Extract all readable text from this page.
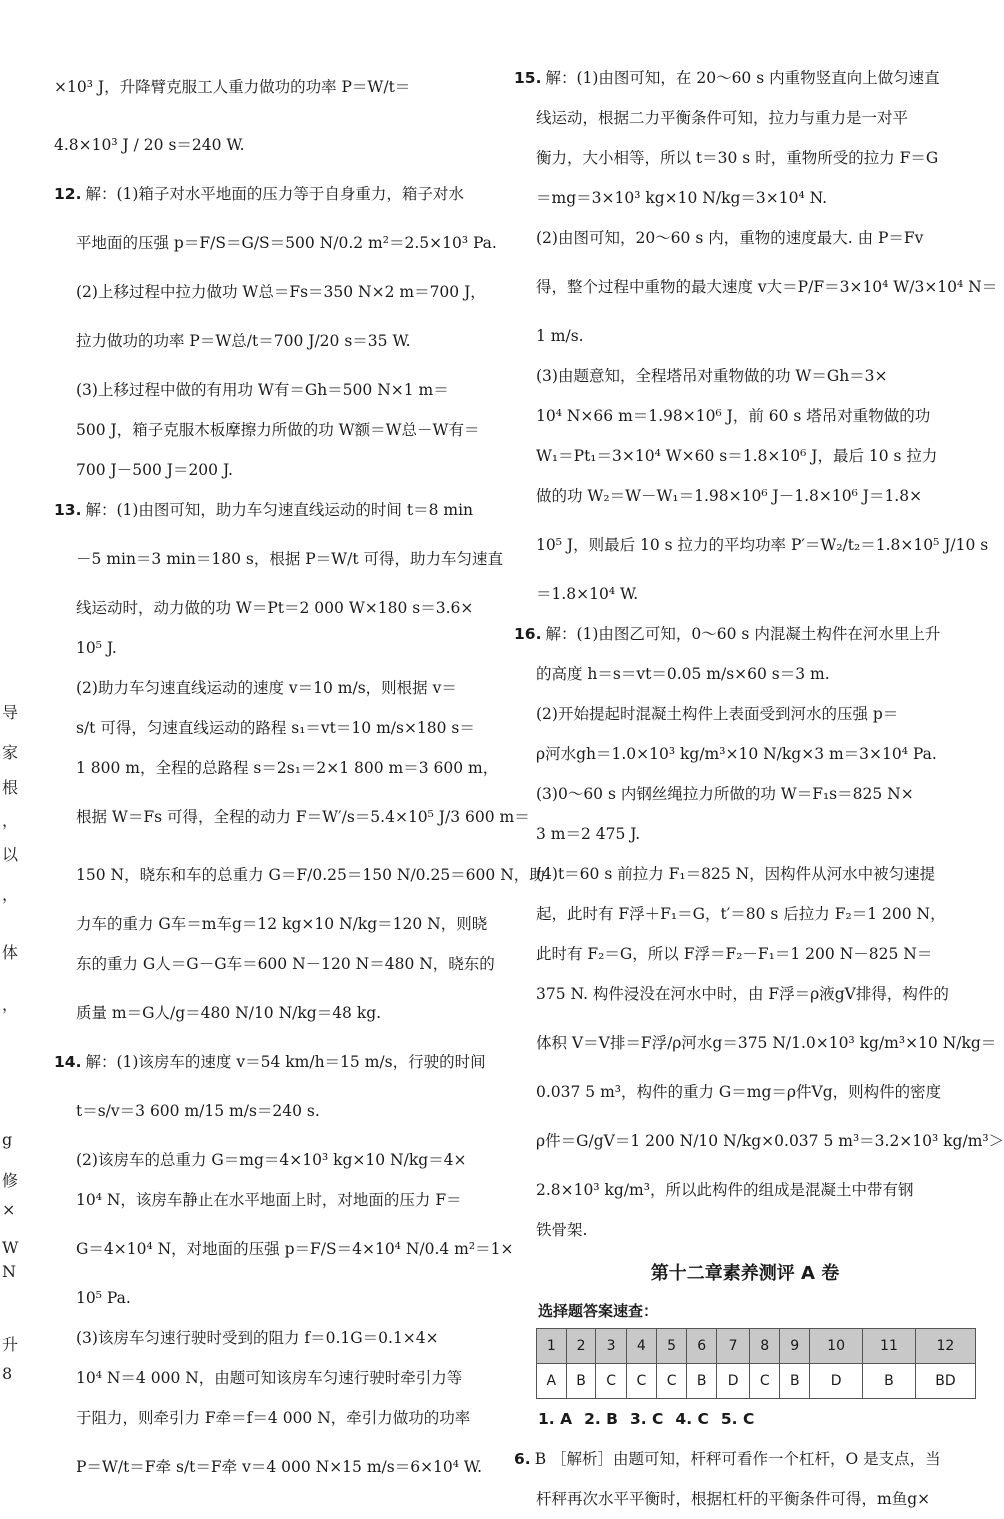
导
家
根
，
以
，
体
，
g
修
×
W
N
升
8
×10³ J，升降臂克服工人重力做功的功率 P＝W/t＝
4.8×10³ J / 20 s＝240 W.
12. 解：(1)箱子对水平地面的压力等于自身重力，箱子对水
平地面的压强 p＝F/S＝G/S＝500 N/0.2 m²＝2.5×10³ Pa.
(2)上移过程中拉力做功 W总＝Fs＝350 N×2 m＝700 J，
拉力做功的功率 P＝W总/t＝700 J/20 s＝35 W.
(3)上移过程中做的有用功 W有＝Gh＝500 N×1 m＝
500 J，箱子克服木板摩擦力所做的功 W额＝W总－W有＝
700 J－500 J＝200 J.
13. 解：(1)由图可知，助力车匀速直线运动的时间 t＝8 min
－5 min＝3 min＝180 s，根据 P＝W/t 可得，助力车匀速直
线运动时，动力做的功 W＝Pt＝2 000 W×180 s＝3.6×
10⁵ J.
(2)助力车匀速直线运动的速度 v＝10 m/s，则根据 v＝
s/t 可得，匀速直线运动的路程 s₁＝vt＝10 m/s×180 s＝
1 800 m，全程的总路程 s＝2s₁＝2×1 800 m＝3 600 m，
根据 W＝Fs 可得，全程的动力 F＝W′/s＝5.4×10⁵ J/3 600 m＝
150 N，晓东和车的总重力 G＝F/0.25＝150 N/0.25＝600 N，助
力车的重力 G车＝m车g＝12 kg×10 N/kg＝120 N，则晓
东的重力 G人＝G－G车＝600 N－120 N＝480 N，晓东的
质量 m＝G人/g＝480 N/10 N/kg＝48 kg.
14. 解：(1)该房车的速度 v＝54 km/h＝15 m/s，行驶的时间
t＝s/v＝3 600 m/15 m/s＝240 s.
(2)该房车的总重力 G＝mg＝4×10³ kg×10 N/kg＝4×
10⁴ N，该房车静止在水平地面上时，对地面的压力 F＝
G＝4×10⁴ N，对地面的压强 p＝F/S＝4×10⁴ N/0.4 m²＝1×
10⁵ Pa.
(3)该房车匀速行驶时受到的阻力 f＝0.1G＝0.1×4×
10⁴ N＝4 000 N，由题可知该房车匀速行驶时牵引力等
于阻力，则牵引力 F牵＝f＝4 000 N，牵引力做功的功率
P＝W/t＝F牵 s/t＝F牵 v＝4 000 N×15 m/s＝6×10⁴ W.
15. 解：(1)由图可知，在 20～60 s 内重物竖直向上做匀速直
线运动，根据二力平衡条件可知，拉力与重力是一对平
衡力，大小相等，所以 t＝30 s 时，重物所受的拉力 F＝G
＝mg＝3×10³ kg×10 N/kg＝3×10⁴ N.
(2)由图可知，20～60 s 内，重物的速度最大. 由 P＝Fv
得，整个过程中重物的最大速度 v大＝P/F＝3×10⁴ W/3×10⁴ N＝
1 m/s.
(3)由题意知，全程塔吊对重物做的功 W＝Gh＝3×
10⁴ N×66 m＝1.98×10⁶ J，前 60 s 塔吊对重物做的功
W₁＝Pt₁＝3×10⁴ W×60 s＝1.8×10⁶ J，最后 10 s 拉力
做的功 W₂＝W－W₁＝1.98×10⁶ J－1.8×10⁶ J＝1.8×
10⁵ J，则最后 10 s 拉力的平均功率 P′＝W₂/t₂＝1.8×10⁵ J/10 s
＝1.8×10⁴ W.
16. 解：(1)由图乙可知，0～60 s 内混凝土构件在河水里上升
的高度 h＝s＝vt＝0.05 m/s×60 s＝3 m.
(2)开始提起时混凝土构件上表面受到河水的压强 p＝
ρ河水gh＝1.0×10³ kg/m³×10 N/kg×3 m＝3×10⁴ Pa.
(3)0～60 s 内钢丝绳拉力所做的功 W＝F₁s＝825 N×
3 m＝2 475 J.
(4)t＝60 s 前拉力 F₁＝825 N，因构件从河水中被匀速提
起，此时有 F浮＋F₁＝G，t′＝80 s 后拉力 F₂＝1 200 N，
此时有 F₂＝G，所以 F浮＝F₂－F₁＝1 200 N－825 N＝
375 N. 构件浸没在河水中时，由 F浮＝ρ液gV排得，构件的
体积 V＝V排＝F浮/ρ河水g＝375 N/1.0×10³ kg/m³×10 N/kg＝
0.037 5 m³，构件的重力 G＝mg＝ρ件Vg，则构件的密度
ρ件＝G/gV＝1 200 N/10 N/kg×0.037 5 m³＝3.2×10³ kg/m³＞
2.8×10³ kg/m³，所以此构件的组成是混凝土中带有钢
铁骨架.
第十二章素养测评 A 卷
选择题答案速查：
1	2	3	4	5	6	7	8	9	10	11	12
A	B	C	C	C	B	D	C	B	D	B	BD
1. A 2. B 3. C 4. C 5. C
6. B ［解析］由题可知，杆秤可看作一个杠杆，O 是支点，当
杆秤再次水平平衡时，根据杠杆的平衡条件可得，m鱼g×
